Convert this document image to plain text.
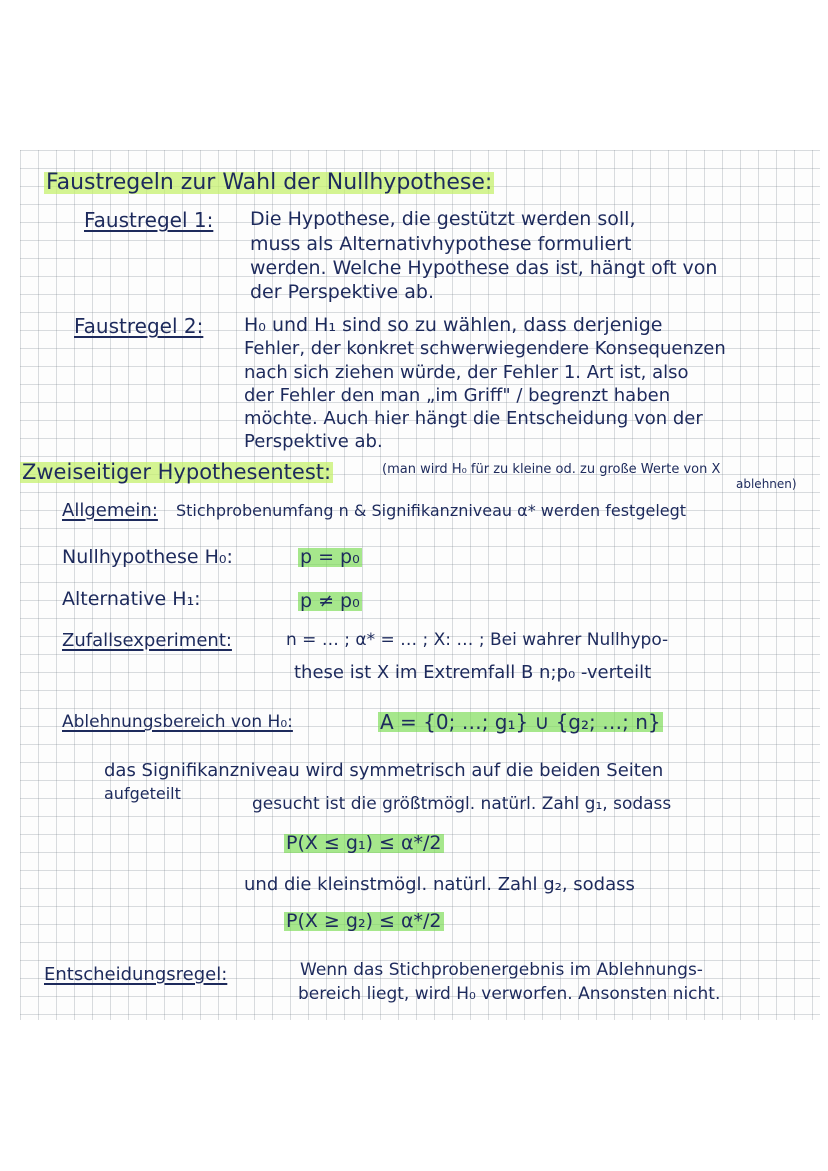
Faustregeln zur Wahl der Nullhypothese:
Faustregel 1: Die Hypothese, die gestützt werden soll,
muss als Alternativhypothese formuliert
werden. Welche Hypothese das ist, hängt oft von
der Perspektive ab.
Faustregel 2: H₀ und H₁ sind so zu wählen, dass derjenige
Fehler, der konkret schwerwiegendere Konsequenzen
nach sich ziehen würde, der Fehler 1. Art ist, also
der Fehler den man „im Griff" / begrenzt haben
möchte. Auch hier hängt die Entscheidung von der
Perspektive ab.
Zweiseitiger Hypothesentest:	(man wird H₀ für zu kleine od. zu große Werte von X
ablehnen)
Allgemein: Stichprobenumfang n & Signifikanzniveau α* werden festgelegt
Nullhypothese H₀:	p = p₀
Alternative H₁:	p ≠ p₀
Zufallsexperiment:	n = … ; α* = … ; X: … ; Bei wahrer Nullhypo-
these ist X im Extremfall B n;p₀ -verteilt
Ablehnungsbereich von H₀:	A = {0; …; g₁} ∪ {g₂; …; n}
das Signifikanzniveau wird symmetrisch auf die beiden Seiten
aufgeteilt
gesucht ist die größtmögl. natürl. Zahl g₁, sodass
P(X ≤ g₁) ≤ α*/2
und die kleinstmögl. natürl. Zahl g₂, sodass
P(X ≥ g₂) ≤ α*/2
Entscheidungsregel:	Wenn das Stichprobenergebnis im Ablehnungs-
bereich liegt, wird H₀ verworfen. Ansonsten nicht.
